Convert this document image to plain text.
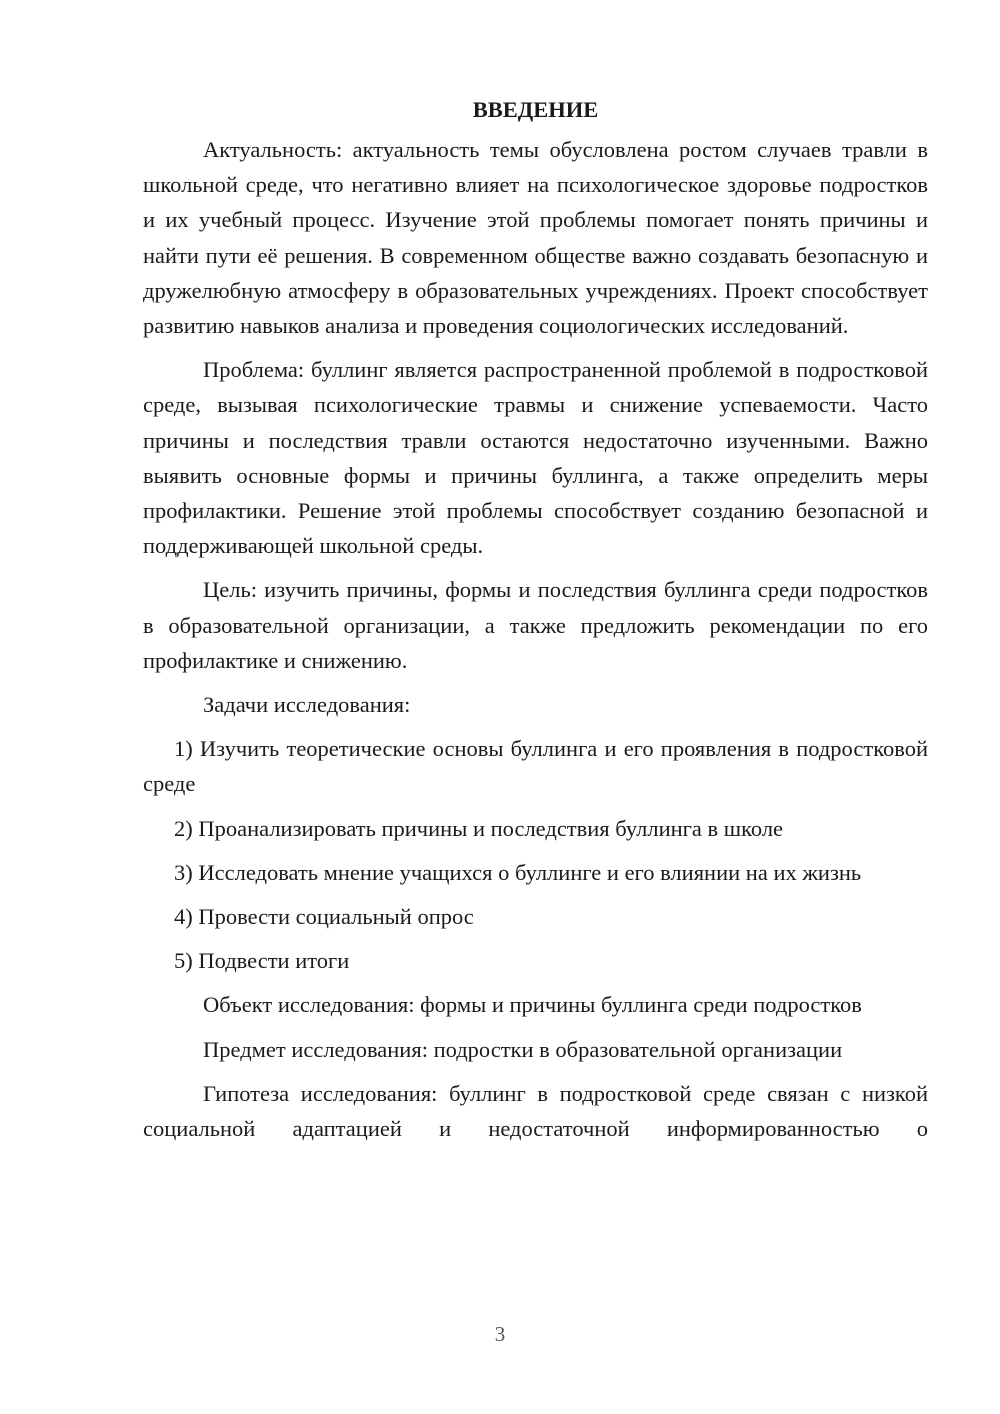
ВВЕДЕНИЕ

Актуальность: актуальность темы обусловлена ростом случаев травли в школьной среде, что негативно влияет на психологическое здоровье подростков и их учебный процесс. Изучение этой проблемы помогает понять причины и найти пути её решения. В современном обществе важно создавать безопасную и дружелюбную атмосферу в образовательных учреждениях. Проект способствует развитию навыков анализа и проведения социологических исследований.

Проблема: буллинг является распространенной проблемой в подростковой среде, вызывая психологические травмы и снижение успеваемости. Часто причины и последствия травли остаются недостаточно изученными. Важно выявить основные формы и причины буллинга, а также определить меры профилактики. Решение этой проблемы способствует созданию безопасной и поддерживающей школьной среды.

Цель: изучить причины, формы и последствия буллинга среди подростков в образовательной организации, а также предложить рекомендации по его профилактике и снижению.

Задачи исследования:

1) Изучить теоретические основы буллинга и его проявления в подростковой среде

2) Проанализировать причины и последствия буллинга в школе

3) Исследовать мнение учащихся о буллинге и его влиянии на их жизнь

4) Провести социальный опрос

5) Подвести итоги

Объект исследования: формы и причины буллинга среди подростков

Предмет исследования: подростки в образовательной организации

Гипотеза исследования: буллинг в подростковой среде связан с низкой социальной адаптацией и недостаточной информированностью о

3
